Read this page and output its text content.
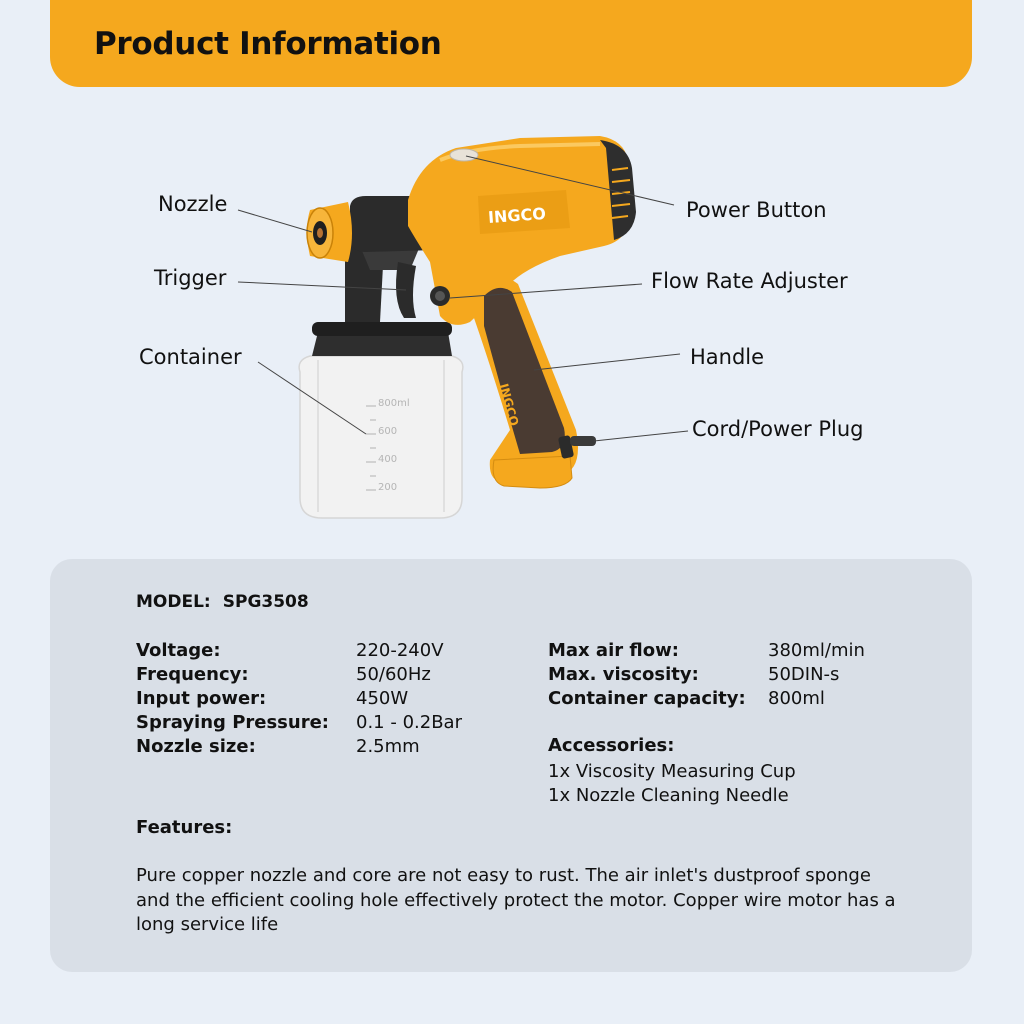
Product Information
INGCO
INGCO
800ml
600
400
200
Nozzle
Trigger
Container
Power Button
Flow Rate Adjuster
Handle
Cord/Power Plug
MODEL: SPG3508
Voltage:	220-240V
Frequency:	50/60Hz
Input power:	450W
Spraying Pressure: 0.1 - 0.2Bar
Nozzle size:	2.5mm
Max air flow:	380ml/min
Max. viscosity:	50DIN-s
Container capacity: 800ml
Accessories:
1x Viscosity Measuring Cup
1x Nozzle Cleaning Needle
Features:
Pure copper nozzle and core are not easy to rust. The air inlet's dustproof sponge and the efficient cooling hole effectively protect the motor. Copper wire motor has a long service life
